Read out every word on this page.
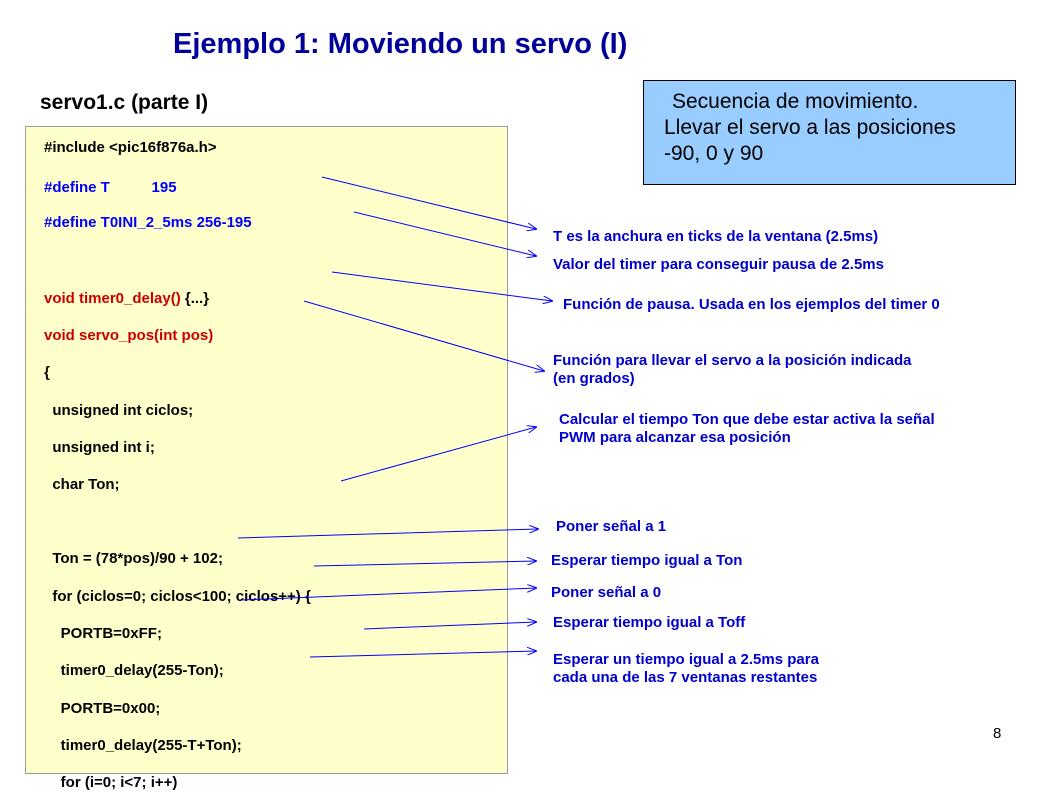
Ejemplo 1: Moviendo un servo (I)
servo1.c (parte I)	Secuencia de movimiento.
Llevar el servo a las posiciones
-90, 0 y 90
#include <pic16f876a.h>
#define T          195
#define T0INI_2_5ms 256-195
void timer0_delay() {...}
void servo_pos(int pos)
{
unsigned int ciclos;
unsigned int i;
char Ton;
Ton = (78*pos)/90 + 102;
for (ciclos=0; ciclos<100; ciclos++) {
PORTB=0xFF;
timer0_delay(255-Ton);
PORTB=0x00;
timer0_delay(255-T+Ton);
for (i=0; i<7; i++)
T es la anchura en ticks de la ventana (2.5ms)
Valor del timer para conseguir pausa de 2.5ms
Función de pausa. Usada en los ejemplos del timer 0
Función para llevar el servo a la posición indicada
(en grados)
Calcular el tiempo Ton que debe estar activa la señal
PWM para alcanzar esa posición
Poner señal a 1
Esperar tiempo igual a Ton
Poner señal a 0
Esperar tiempo igual a Toff
Esperar un tiempo igual a 2.5ms para
cada una de las 7 ventanas restantes
8
